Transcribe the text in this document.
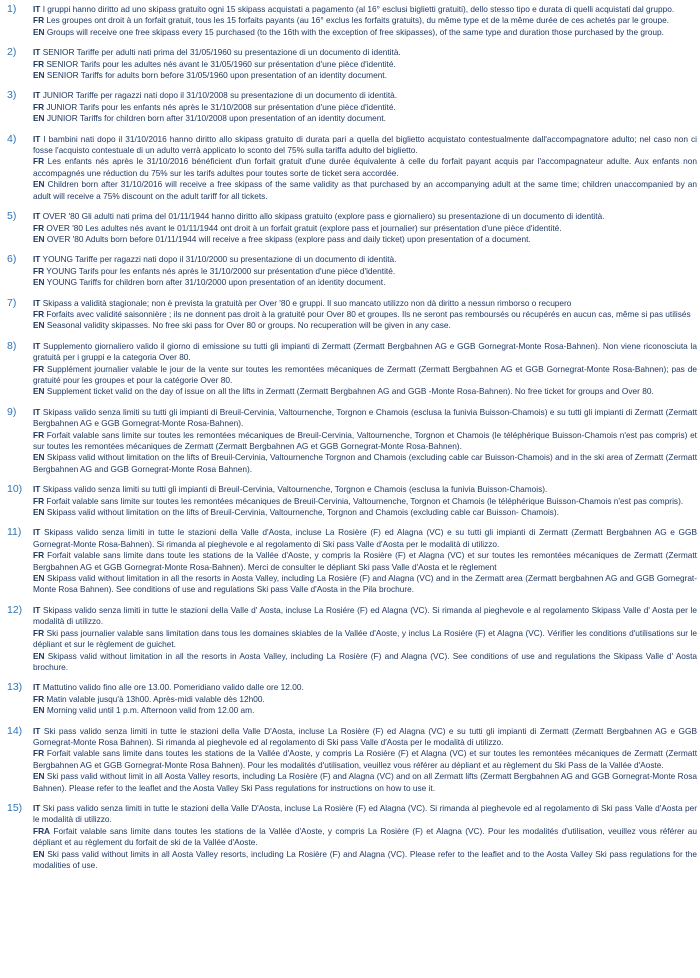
1)	IT I gruppi hanno diritto ad uno skipass gratuito ogni 15 skipass acquistati a pagamento (al 16° esclusi biglietti gratuiti), dello stesso tipo e durata di quelli acquistati dal gruppo.

FR Les groupes ont droit à un forfait gratuit, tous les 15 forfaits payants (au 16° exclus les forfaits gratuits), du même type et de la même durée de ces achetés par le groupe.

EN Groups will receive one free skipass every 15 purchased (to the 16th with the exception of free skipasses), of the same type and duration those purchased by the group.

2)	IT SENIOR Tariffe per adulti nati prima del 31/05/1960 su presentazione di un documento di identità.

FR SENIOR Tarifs pour les adultes nés avant le 31/05/1960 sur présentation d'une pièce d'identité.

EN SENIOR Tariffs for adults born before 31/05/1960 upon presentation of an identity document.

3)	IT JUNIOR Tariffe per ragazzi nati dopo il 31/10/2008 su presentazione di un documento di identità.

FR JUNIOR Tarifs pour les enfants nés après le 31/10/2008 sur présentation d'une pièce d'identité.

EN JUNIOR Tariffs for children born after 31/10/2008 upon presentation of an identity document.

4)	IT I bambini nati dopo il 31/10/2016 hanno diritto allo skipass gratuito di durata pari a quella del biglietto acquistato contestualmente dall'accompagnatore adulto; nel caso non ci fosse l'acquisto contestuale di un adulto verrà applicato lo sconto del 75% sulla tariffa adulto del biglietto.

FR Les enfants nés après le 31/10/2016 bénéficient d'un forfait gratuit d'une durée équivalente à celle du forfait payant acquis par l'accompagnateur adulte. Aux enfants non accompagnés une réduction du 75% sur les tarifs adultes pour toutes sorte de ticket sera accordée.

EN Children born after 31/10/2016 will receive a free skipass of the same validity as that purchased by an accompanying adult at the same time; children unaccompanied by an adult will receive a 75% discount on the adult tariff for all tickets.

5)	IT OVER '80 Gli adulti nati prima del 01/11/1944 hanno diritto allo skipass gratuito (explore pass e giornaliero) su presentazione di un documento di identità.

FR OVER '80 Les adultes nés avant le 01/11/1944 ont droit à un forfait gratuit (explore pass et journalier) sur présentation d'une pièce d'identité.

EN OVER '80 Adults born before 01/11/1944 will receive a free skipass (explore pass and daily ticket) upon presentation of a document.

6)	IT YOUNG Tariffe per ragazzi nati dopo il 31/10/2000 su presentazione di un documento di identità.

FR YOUNG Tarifs pour les enfants nés après le 31/10/2000 sur présentation d'une pièce d'identité.

EN YOUNG Tariffs for children born after 31/10/2000 upon presentation of an identity document.

7)	IT Skipass a validità stagionale; non è prevista la gratuità per Over '80 e gruppi. Il suo mancato utilizzo non dà diritto a nessun rimborso o recupero

FR Forfaits avec validité saisonnière ; ils ne donnent pas droit à la gratuité pour Over 80 et groupes. Ils ne seront pas remboursés ou récupérés en aucun cas, même si pas utilisés

EN Seasonal validity skipasses. No free ski pass for Over 80 or groups. No recuperation will be given in any case.

8)	IT Supplemento giornaliero valido il giorno di emissione su tutti gli impianti di Zermatt (Zermatt Bergbahnen AG e GGB Gornegrat-Monte Rosa-Bahnen). Non viene riconosciuta la gratuità per i gruppi e la categoria Over 80.

FR Supplément journalier valable le jour de la vente sur toutes les remontées mécaniques de Zermatt (Zermatt Bergbahnen AG et GGB Gornegrat-Monte Rosa-Bahnen); pas de gratuité pour les groupes et pour la catégorie Over 80.

EN Supplement ticket valid on the day of issue on all the lifts in Zermatt (Zermatt Bergbahnen AG and GGB -Monte Rosa-Bahnen). No free ticket for groups and Over 80.

9)	IT Skipass valido senza limiti su tutti gli impianti di Breuil-Cervinia, Valtournenche, Torgnon e Chamois (esclusa la funivia Buisson-Chamois) e su tutti gli impianti di Zermatt (Zermatt Bergbahnen AG e GGB Gornegrat-Monte Rosa-Bahnen).

FR Forfait valable sans limite sur toutes les remontées mécaniques de Breuil-Cervinia, Valtournenche, Torgnon et Chamois (le téléphérique Buisson-Chamois n'est pas compris) et sur toutes les remontées mécaniques de Zermatt (Zermatt Bergbahnen AG et GGB Gornegrat-Monte Rosa-Bahnen).

EN Skipass valid without limitation on the lifts of Breuil-Cervinia, Valtournenche Torgnon and Chamois (excluding cable car Buisson-Chamois) and in the ski area of Zermatt (Zermatt Bergbahnen AG and GGB Gornegrat-Monte Rosa Bahnen).

10)	IT Skipass valido senza limiti su tutti gli impianti di Breuil-Cervinia, Valtournenche, Torgnon e Chamois (esclusa la funivia Buisson-Chamois).

FR Forfait valable sans limite sur toutes les remontées mécaniques de Breuil-Cervinia, Valtournenche, Torgnon et Chamois (le téléphérique Buisson-Chamois n'est pas compris).

EN Skipass valid without limitation on the lifts of Breuil-Cervinia, Valtournenche, Torgnon and Chamois (excluding cable car Buisson- Chamois).

11)	IT Skipass valido senza limiti in tutte le stazioni della Valle d'Aosta, incluse La Rosière (F) ed Alagna (VC) e su tutti gli impianti di Zermatt (Zermatt Bergbahnen AG e GGB Gornegrat-Monte Rosa-Bahnen). Si rimanda al pieghevole e al regolamento di Ski pass Valle d'Aosta per le modalità di utilizzo.

FR Forfait valable sans limite dans toute les stations de la Vallée d'Aoste, y compris la Rosière (F) et Alagna (VC) et sur toutes les remontées mécaniques de Zermatt (Zermatt Bergbahnen AG et GGB Gornegrat-Monte Rosa-Bahnen). Merci de consulter le dépliant Ski pass Valle d'Aosta et le règlement

EN Skipass valid without limitation in all the resorts in Aosta Valley, including La Rosière (F) and Alagna (VC) and in the Zermatt area (Zermatt bergbahnen AG and GGB Gornegrat-Monte Rosa Bahnen). See conditions of use and regulations Ski pass Valle d'Aosta in the Pila brochure.

12)	IT Skipass valido senza limiti in tutte le stazioni della Valle d' Aosta, incluse La Rosiére (F) ed Alagna (VC). Si rimanda al pieghevole e al regolamento Skipass Valle d' Aosta per le modalità di utilizzo.

FR Ski pass journalier valable sans limitation dans tous les domaines skiables de la Vallée d'Aoste, y inclus La Rosiére (F) et Alagna (VC). Vérifier les conditions d'utilisations sur le dépliant et sur le règlement de guichet.

EN Skipass valid without limitation in all the resorts in Aosta Valley, including La Rosière (F) and Alagna (VC). See conditions of use and regulations the Skipass Valle d' Aosta brochure.

13)	IT Mattutino valido fino alle ore 13.00. Pomeridiano valido dalle ore 12.00.

FR Matin valable jusqu'à 13h00. Après-midi valable dès 12h00.

EN Morning valid until 1 p.m. Afternoon valid from 12.00 am.

14)	IT Ski pass valido senza limiti in tutte le stazioni della Valle D'Aosta, incluse La Rosière (F) ed Alagna (VC) e su tutti gli impianti di Zermatt (Zermatt Bergbahnen AG e GGB Gornegrat-Monte Rosa Bahnen). Si rimanda al pieghevole ed al regolamento di Ski pass Valle d'Aosta per le modalità di utilizzo.

FR Forfait valable sans limite dans toutes les stations de la Vallée d'Aoste, y compris La Rosière (F) et Alagna (VC) et sur toutes les remontées mécaniques de Zermatt (Zermatt Bergbahnen AG et GGB Gornegrat-Monte Rosa Bahnen). Pour les modalités d'utilisation, veuillez vous référer au dépliant et au règlement du Ski Pass de la Vallée d'Aoste.

EN Ski pass valid without limit in all Aosta Valley resorts, including La Rosière (F) and Alagna (VC) and on all Zermatt lifts (Zermatt Bergbahnen AG and GGB Gornegrat-Monte Rosa Bahnen). Please refer to the leaflet and the Aosta Valley Ski Pass regulations for instructions on how to use it.

15)	IT Ski pass valido senza limiti in tutte le stazioni della Valle D'Aosta, incluse La Rosière (F) ed Alagna (VC). Si rimanda al pieghevole ed al regolamento di Ski pass Valle d'Aosta per le modalità di utilizzo.

FRA Forfait valable sans limite dans toutes les stations de la Vallée d'Aoste, y compris La Rosière (F) et Alagna (VC). Pour les modalités d'utilisation, veuillez vous référer au dépliant et au règlement du forfait de ski de la Vallée d'Aoste.

EN Ski pass valid without limits in all Aosta Valley resorts, including La Rosière (F) and Alagna (VC). Please refer to the leaflet and to the Aosta Valley Ski pass regulations for the modalities of use.
